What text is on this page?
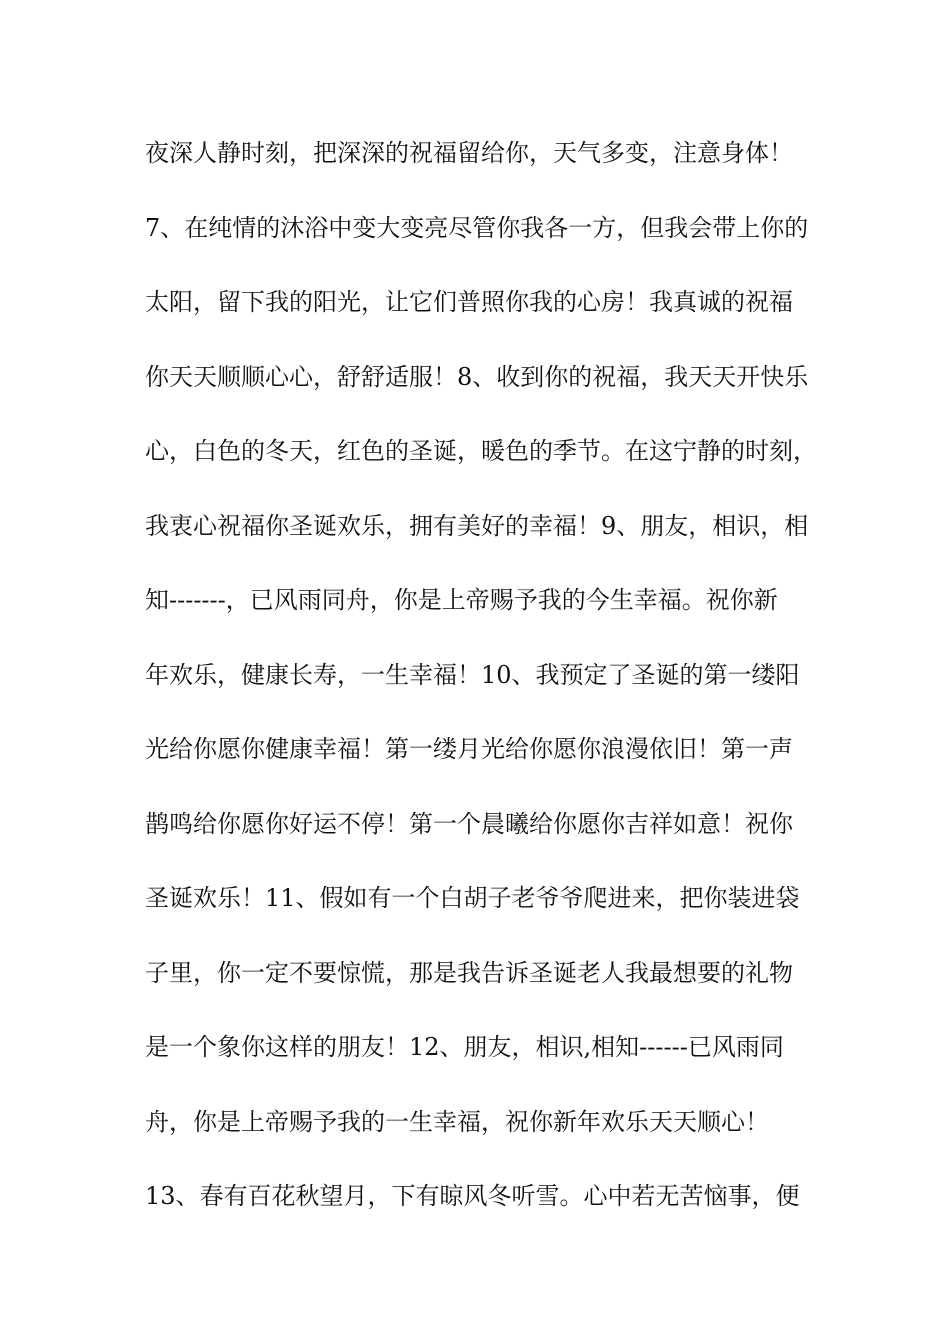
夜深人静时刻，把深深的祝福留给你，天气多变，注意身体！
7、在纯情的沐浴中变大变亮尽管你我各一方，但我会带上你的
太阳，留下我的阳光，让它们普照你我的心房！我真诚的祝福
你天天顺顺心心，舒舒适服！8、收到你的祝福，我天天开快乐
心，白色的冬天，红色的圣诞，暖色的季节。在这宁静的时刻，
我衷心祝福你圣诞欢乐，拥有美好的幸福！9、朋友，相识，相
知-------，已风雨同舟，你是上帝赐予我的今生幸福。祝你新
年欢乐，健康长寿，一生幸福！10、我预定了圣诞的第一缕阳
光给你愿你健康幸福！第一缕月光给你愿你浪漫依旧！第一声
鹊鸣给你愿你好运不停！第一个晨曦给你愿你吉祥如意！祝你
圣诞欢乐！11、假如有一个白胡子老爷爷爬进来，把你装进袋
子里，你一定不要惊慌，那是我告诉圣诞老人我最想要的礼物
是一个象你这样的朋友！12、朋友，相识,相知------已风雨同
舟，你是上帝赐予我的一生幸福，祝你新年欢乐天天顺心！
13、春有百花秋望月，下有晾风冬听雪。心中若无苦恼事，便
